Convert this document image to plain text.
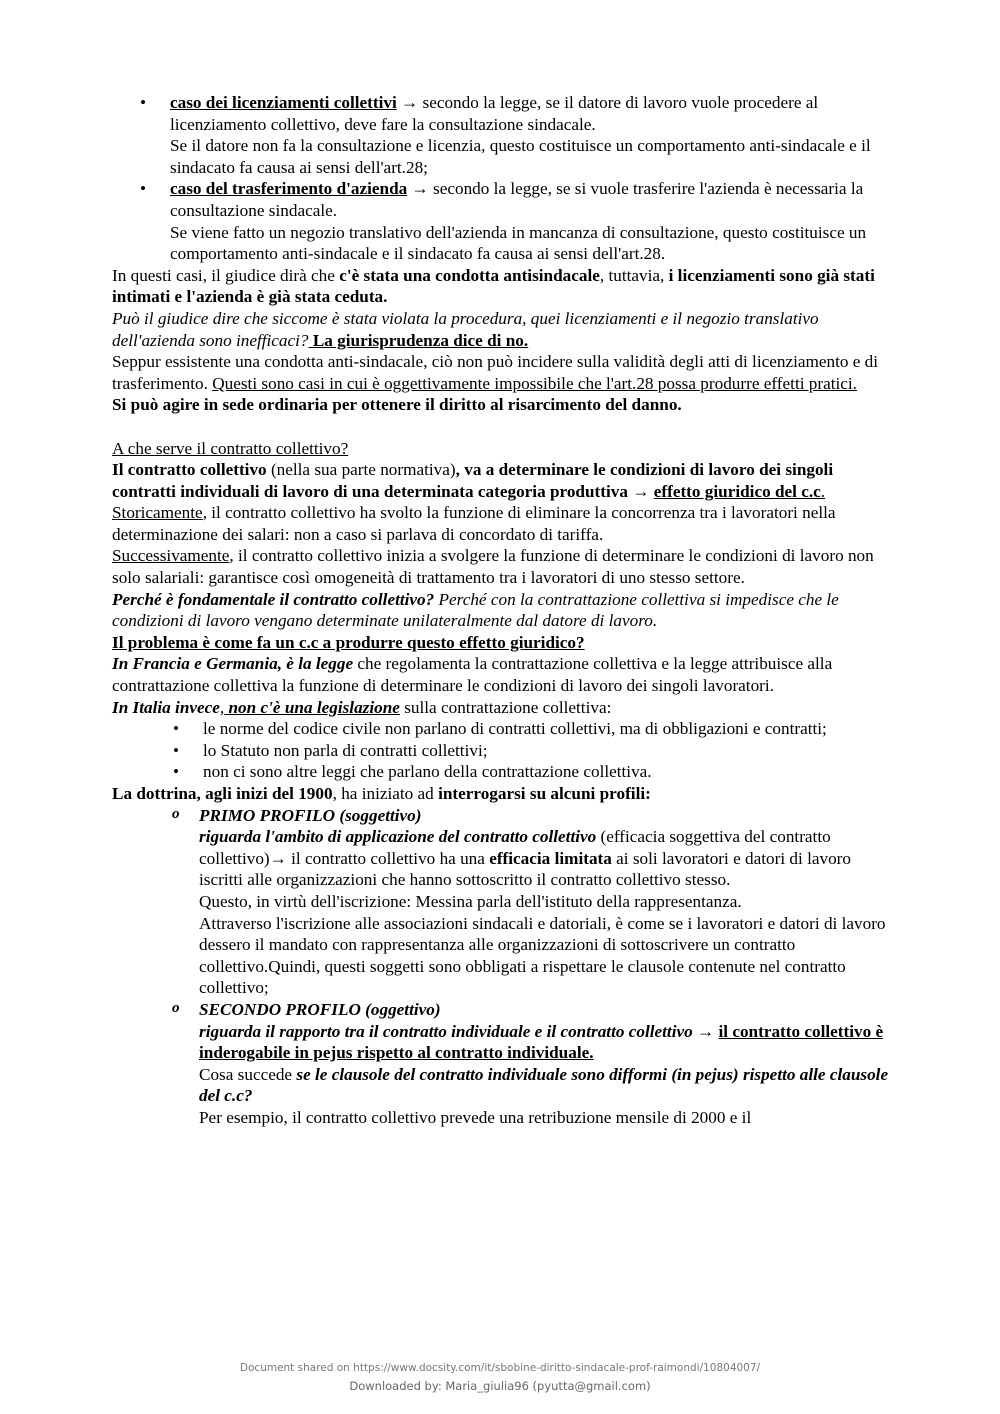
• caso dei licenziamenti collettivi → secondo la legge, se il datore di lavoro vuole procedere al licenziamento collettivo, deve fare la consultazione sindacale.

Se il datore non fa la consultazione e licenzia, questo costituisce un comportamento anti-sindacale e il sindacato fa causa ai sensi dell'art.28;

• caso del trasferimento d'azienda → secondo la legge, se si vuole trasferire l'azienda è necessaria la consultazione sindacale.

Se viene fatto un negozio translativo dell'azienda in mancanza di consultazione, questo costituisce un comportamento anti-sindacale e il sindacato fa causa ai sensi dell'art.28.

In questi casi, il giudice dirà che c'è stata una condotta antisindacale, tuttavia, i licenziamenti sono già stati intimati e l'azienda è già stata ceduta.

Può il giudice dire che siccome è stata violata la procedura, quei licenziamenti e il negozio translativo dell'azienda sono inefficaci? La giurisprudenza dice di no.

Seppur essistente una condotta anti-sindacale, ciò non può incidere sulla validità degli atti di licenziamento e di trasferimento. Questi sono casi in cui è oggettivamente impossibile che l'art.28 possa produrre effetti pratici.

Si può agire in sede ordinaria per ottenere il diritto al risarcimento del danno.

A che serve il contratto collettivo?

Il contratto collettivo (nella sua parte normativa), va a determinare le condizioni di lavoro dei singoli contratti individuali di lavoro di una determinata categoria produttiva → effetto giuridico del c.c.

Storicamente, il contratto collettivo ha svolto la funzione di eliminare la concorrenza tra i lavoratori nella determinazione dei salari: non a caso si parlava di concordato di tariffa.

Successivamente, il contratto collettivo inizia a svolgere la funzione di determinare le condizioni di lavoro non solo salariali: garantisce così omogeneità di trattamento tra i lavoratori di uno stesso settore.

Perché è fondamentale il contratto collettivo? Perché con la contrattazione collettiva si impedisce che le condizioni di lavoro vengano determinate unilateralmente dal datore di lavoro.

Il problema è come fa un c.c a produrre questo effetto giuridico?

In Francia e Germania, è la legge che regolamenta la contrattazione collettiva e la legge attribuisce alla contrattazione collettiva la funzione di determinare le condizioni di lavoro dei singoli lavoratori.

In Italia invece, non c'è una legislazione sulla contrattazione collettiva:

• le norme del codice civile non parlano di contratti collettivi, ma di obbligazioni e contratti;
• lo Statuto non parla di contratti collettivi;
• non ci sono altre leggi che parlano della contrattazione collettiva.

La dottrina, agli inizi del 1900, ha iniziato ad interrogarsi su alcuni profili:

o PRIMO PROFILO (soggettivo)

riguarda l'ambito di applicazione del contratto collettivo (efficacia soggettiva del contratto collettivo)→ il contratto collettivo ha una efficacia limitata ai soli lavoratori e datori di lavoro iscritti alle organizzazioni che hanno sottoscritto il contratto collettivo stesso.

Questo, in virtù dell'iscrizione: Messina parla dell'istituto della rappresentanza.

Attraverso l'iscrizione alle associazioni sindacali e datoriali, è come se i lavoratori e datori di lavoro dessero il mandato con rappresentanza alle organizzazioni di sottoscrivere un contratto collettivo.Quindi, questi soggetti sono obbligati a rispettare le clausole contenute nel contratto collettivo;

o SECONDO PROFILO (oggettivo)

riguarda il rapporto tra il contratto individuale e il contratto collettivo → il contratto collettivo è inderogabile in pejus rispetto al contratto individuale.

Cosa succede se le clausole del contratto individuale sono difformi (in pejus) rispetto alle clausole del c.c?

Per esempio, il contratto collettivo prevede una retribuzione mensile di 2000 e il

Document shared on https://www.docsity.com/it/sbobine-diritto-sindacale-prof-raimondi/10804007/
Downloaded by: Maria_giulia96 (pyutta@gmail.com)
